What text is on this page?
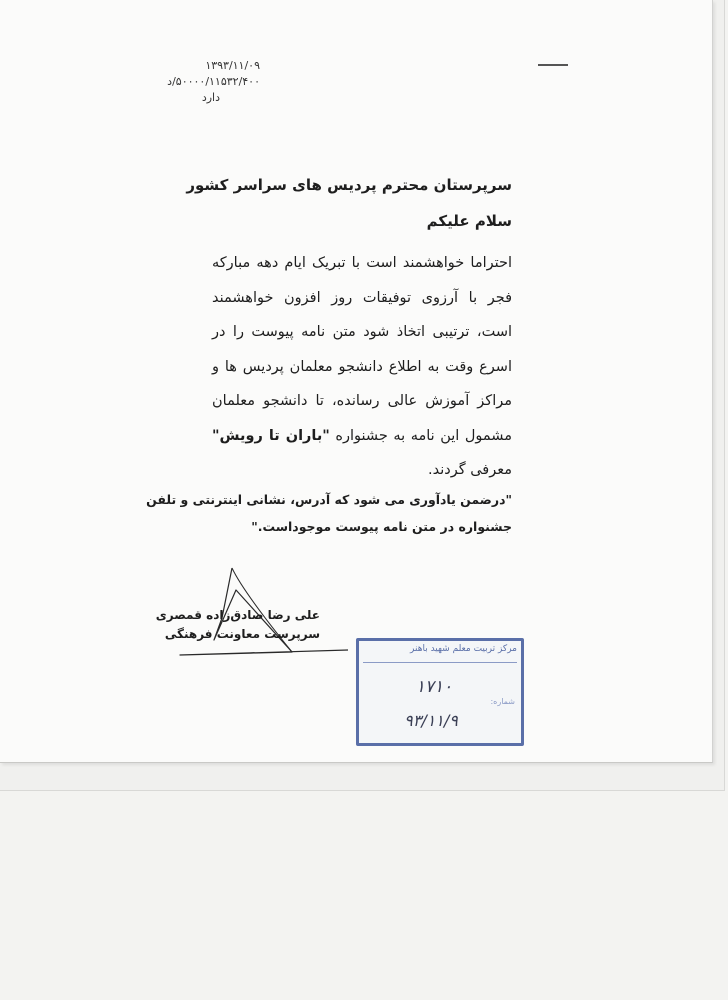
۱۳۹۳/۱۱/۰۹
۵۰۰۰۰/۱۱۵۳۲/۴۰۰/د
دارد
سرپرستان محترم پردیس های سراسر کشور
سلام علیکم
احتراما خواهشمند است با تبریک ایام دهه مبارکه فجر با آرزوی توفیقات روز افزون خواهشمند است، ترتیبی اتخاذ شود متن نامه پیوست را در اسرع وقت به اطلاع دانشجو معلمان پردیس ها و مراکز آموزش عالی رسانده، تا دانشجو معلمان مشمول این نامه به جشنواره "باران تا رویش" معرفی گردند.
"درضمن یادآوری می شود که آدرس، نشانی اینترنتی و تلفن
جشنواره در متن نامه پیوست موجوداست."
علی رضا صادق‌زاده قمصری
سرپرست معاونت فرهنگی
مرکز تربیت معلم شهید باهنر
شماره:
۱۷۱۰
۹۳/۱۱/۹
